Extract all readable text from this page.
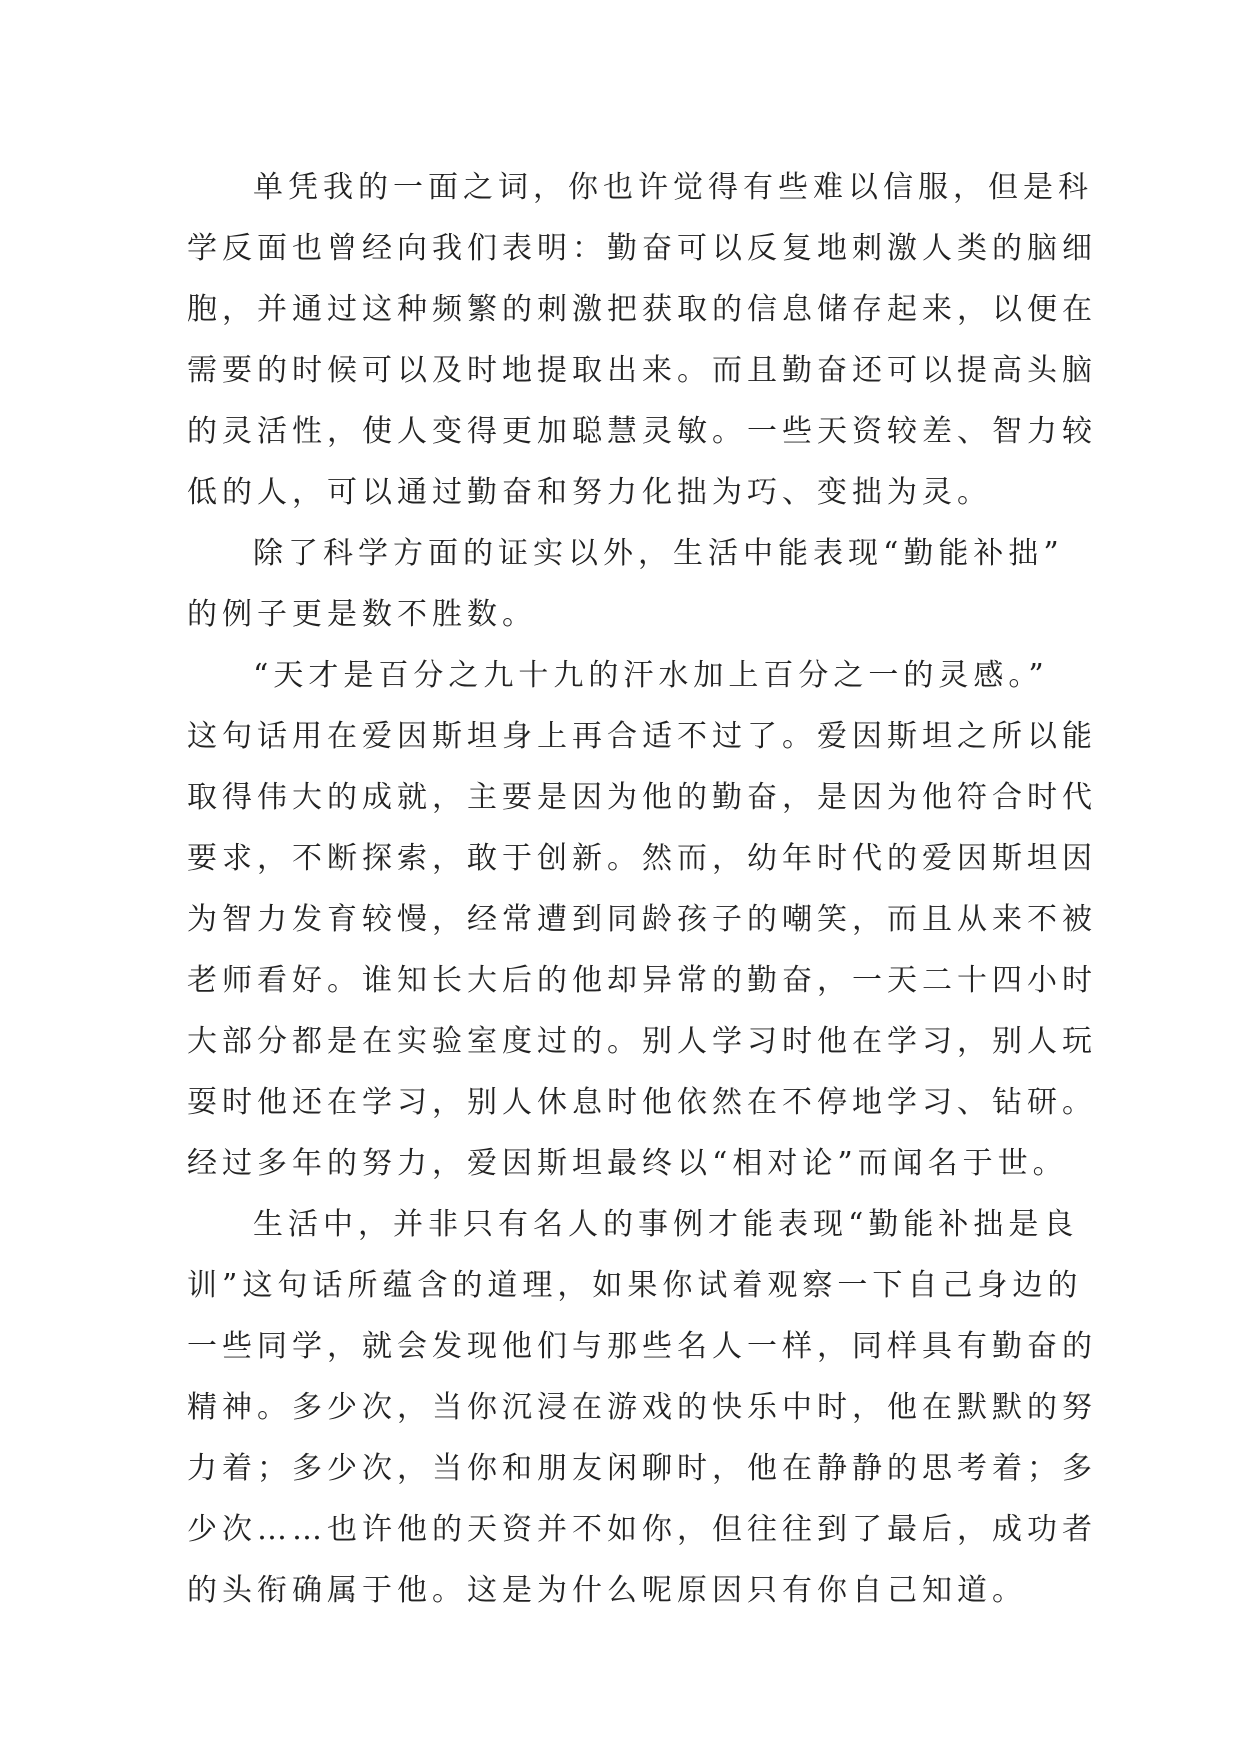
单凭我的一面之词，你也许觉得有些难以信服，但是科
学反面也曾经向我们表明：勤奋可以反复地刺激人类的脑细
胞，并通过这种频繁的刺激把获取的信息储存起来，以便在
需要的时候可以及时地提取出来。而且勤奋还可以提高头脑
的灵活性，使人变得更加聪慧灵敏。一些天资较差、智力较
低的人，可以通过勤奋和努力化拙为巧、变拙为灵。
除了科学方面的证实以外，生活中能表现“勤能补拙”
的例子更是数不胜数。
“天才是百分之九十九的汗水加上百分之一的灵感。”
这句话用在爱因斯坦身上再合适不过了。爱因斯坦之所以能
取得伟大的成就，主要是因为他的勤奋，是因为他符合时代
要求，不断探索，敢于创新。然而，幼年时代的爱因斯坦因
为智力发育较慢，经常遭到同龄孩子的嘲笑，而且从来不被
老师看好。谁知长大后的他却异常的勤奋，一天二十四小时
大部分都是在实验室度过的。别人学习时他在学习，别人玩
耍时他还在学习，别人休息时他依然在不停地学习、钻研。
经过多年的努力，爱因斯坦最终以“相对论”而闻名于世。
生活中，并非只有名人的事例才能表现“勤能补拙是良
训”这句话所蕴含的道理，如果你试着观察一下自己身边的
一些同学，就会发现他们与那些名人一样，同样具有勤奋的
精神。多少次，当你沉浸在游戏的快乐中时，他在默默的努
力着；多少次，当你和朋友闲聊时，他在静静的思考着；多
少次……也许他的天资并不如你，但往往到了最后，成功者
的头衔确属于他。这是为什么呢原因只有你自己知道。
